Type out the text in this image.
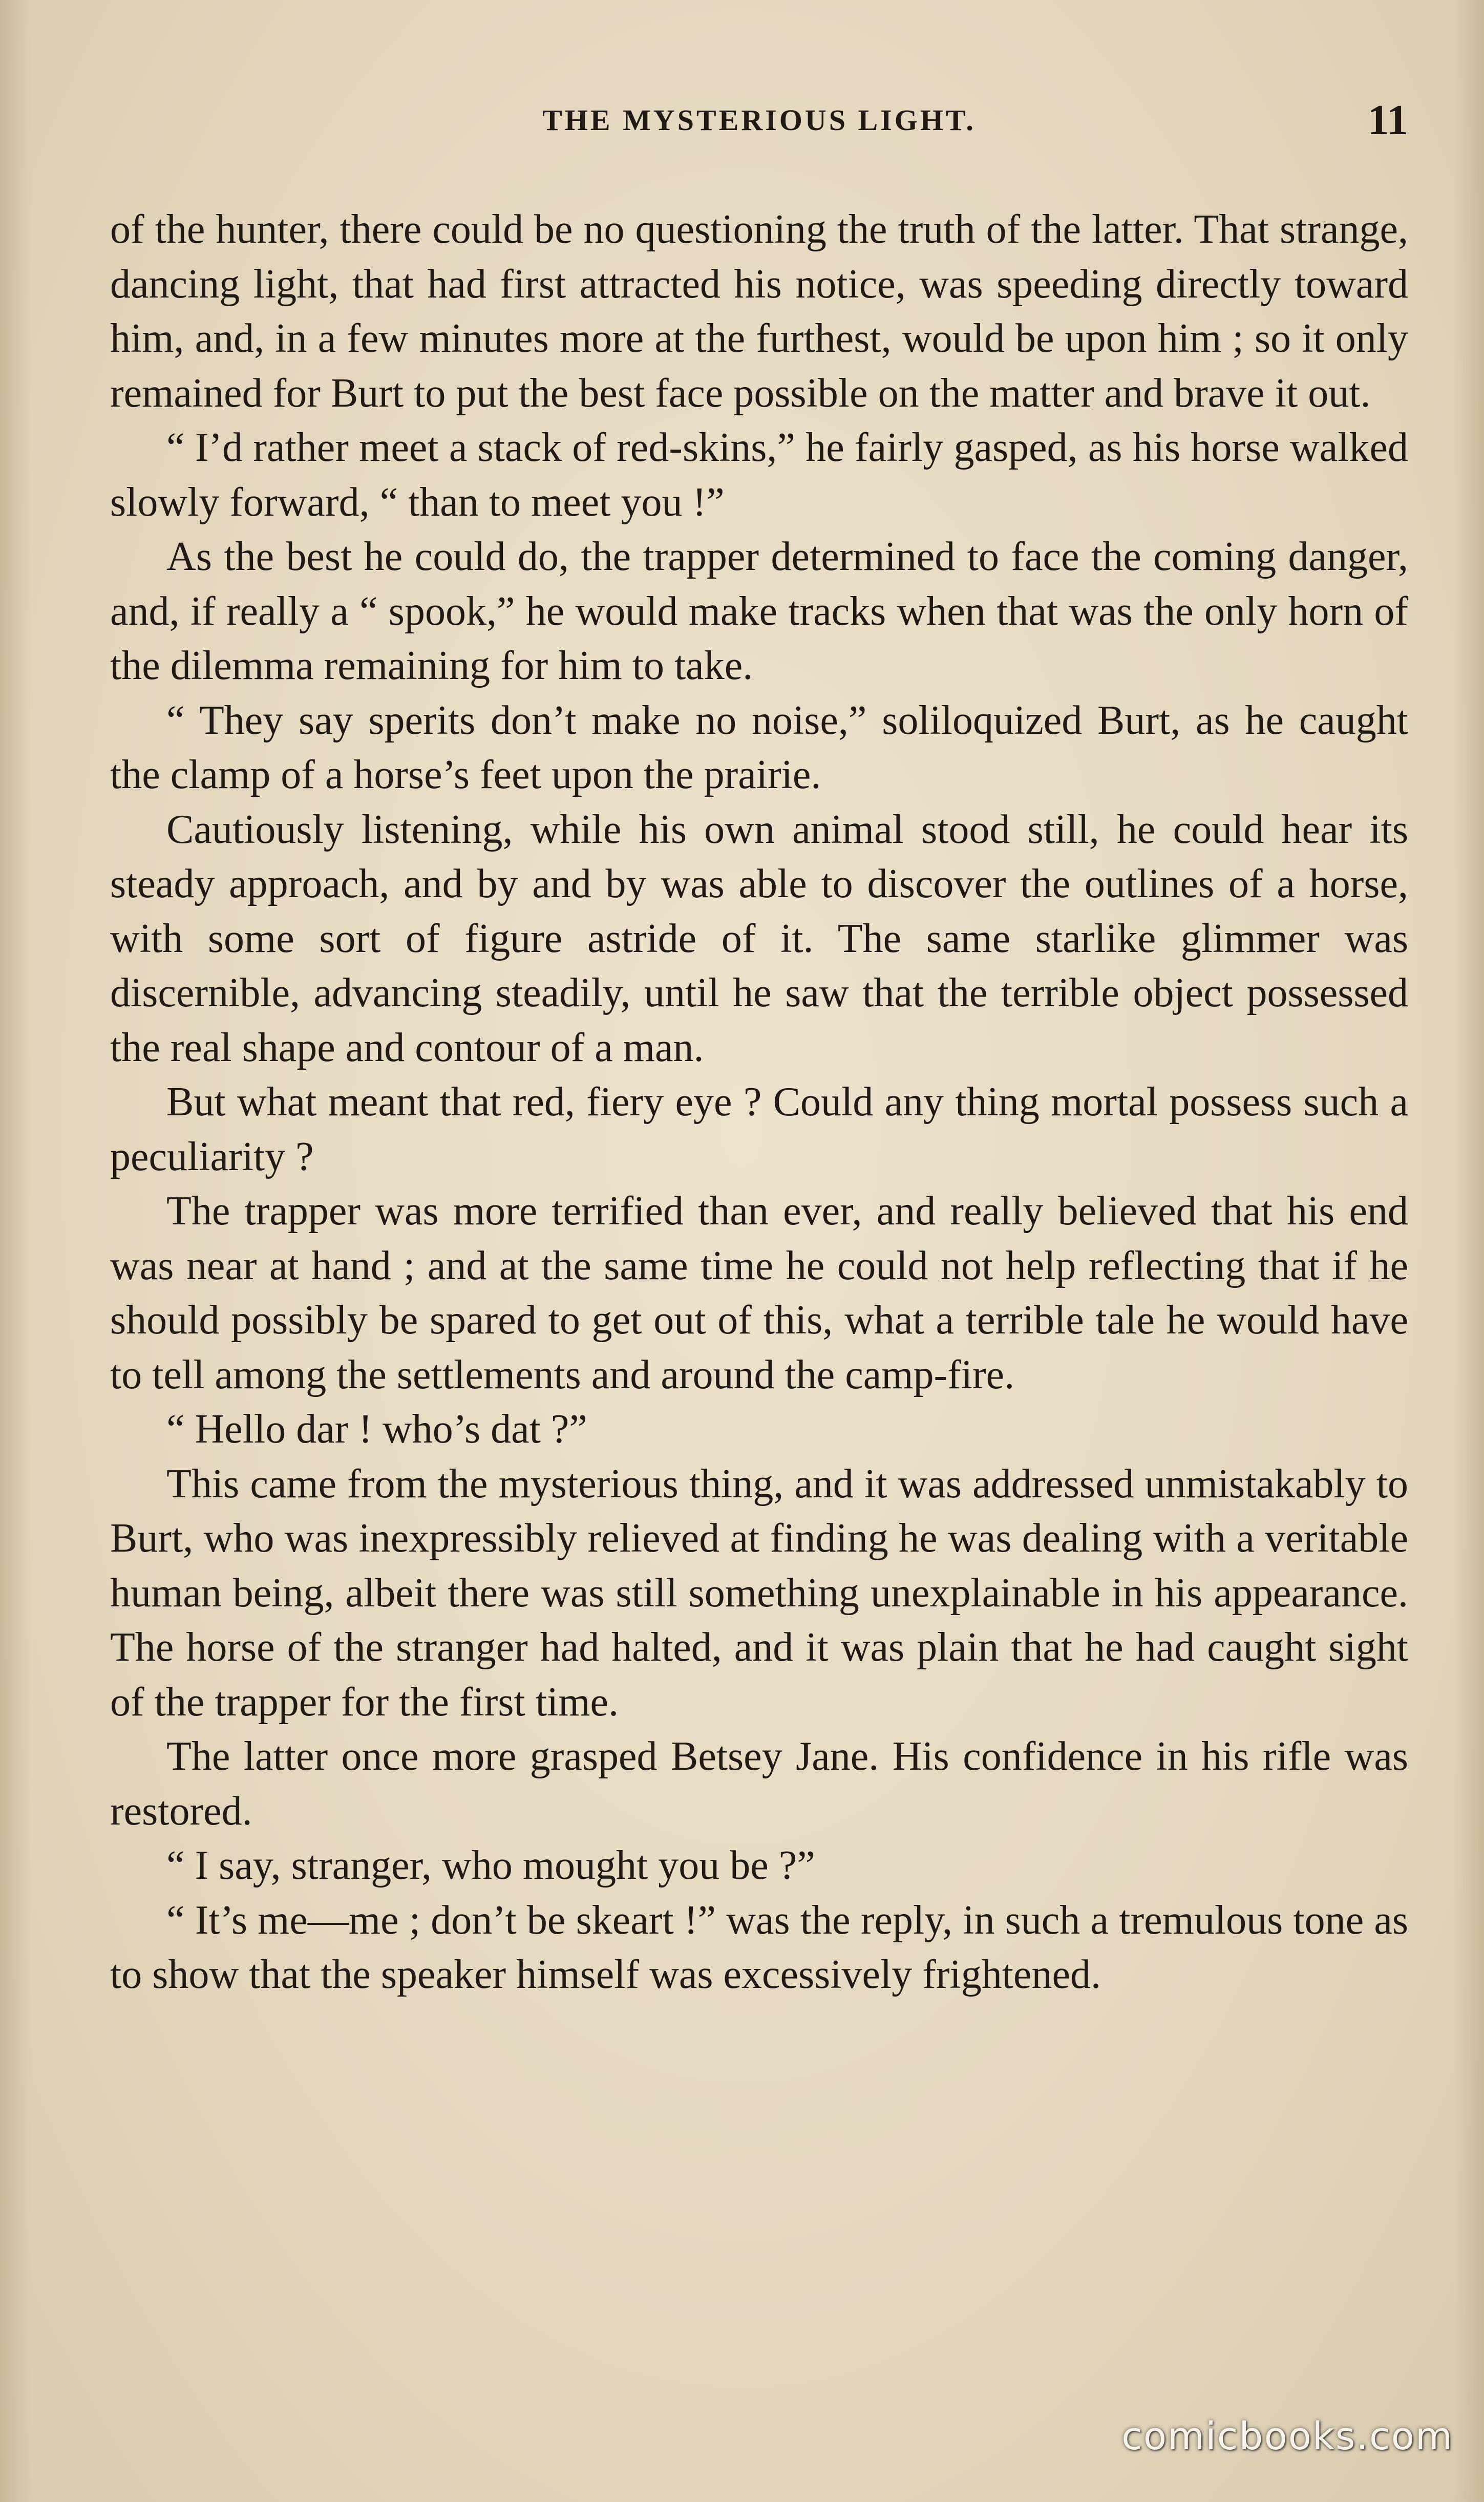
THE MYSTERIOUS LIGHT.	11

of the hunter, there could be no questioning the truth of the latter. That strange, dancing light, that had first attracted his notice, was speeding directly toward him, and, in a few minutes more at the furthest, would be upon him ; so it only remained for Burt to put the best face possible on the matter and brave it out.

“ I’d rather meet a stack of red-skins,” he fairly gasped, as his horse walked slowly forward, “ than to meet you !”

As the best he could do, the trapper determined to face the coming danger, and, if really a “ spook,” he would make tracks when that was the only horn of the dilemma remaining for him to take.

“ They say sperits don’t make no noise,” soliloquized Burt, as he caught the clamp of a horse’s feet upon the prairie.

Cautiously listening, while his own animal stood still, he could hear its steady approach, and by and by was able to discover the outlines of a horse, with some sort of figure astride of it. The same starlike glimmer was discernible, advancing steadily, until he saw that the terrible object possessed the real shape and contour of a man.

But what meant that red, fiery eye ? Could any thing mortal possess such a peculiarity ?

The trapper was more terrified than ever, and really believed that his end was near at hand ; and at the same time he could not help reflecting that if he should possibly be spared to get out of this, what a terrible tale he would have to tell among the settlements and around the camp-fire.

“ Hello dar ! who’s dat ?”

This came from the mysterious thing, and it was addressed unmistakably to Burt, who was inexpressibly relieved at finding he was dealing with a veritable human being, albeit there was still something unexplainable in his appearance. The horse of the stranger had halted, and it was plain that he had caught sight of the trapper for the first time.

The latter once more grasped Betsey Jane. His confidence in his rifle was restored.

“ I say, stranger, who mought you be ?”

“ It’s me—me ; don’t be skeart !” was the reply, in such a tremulous tone as to show that the speaker himself was excessively frightened.

comicbooks.com
